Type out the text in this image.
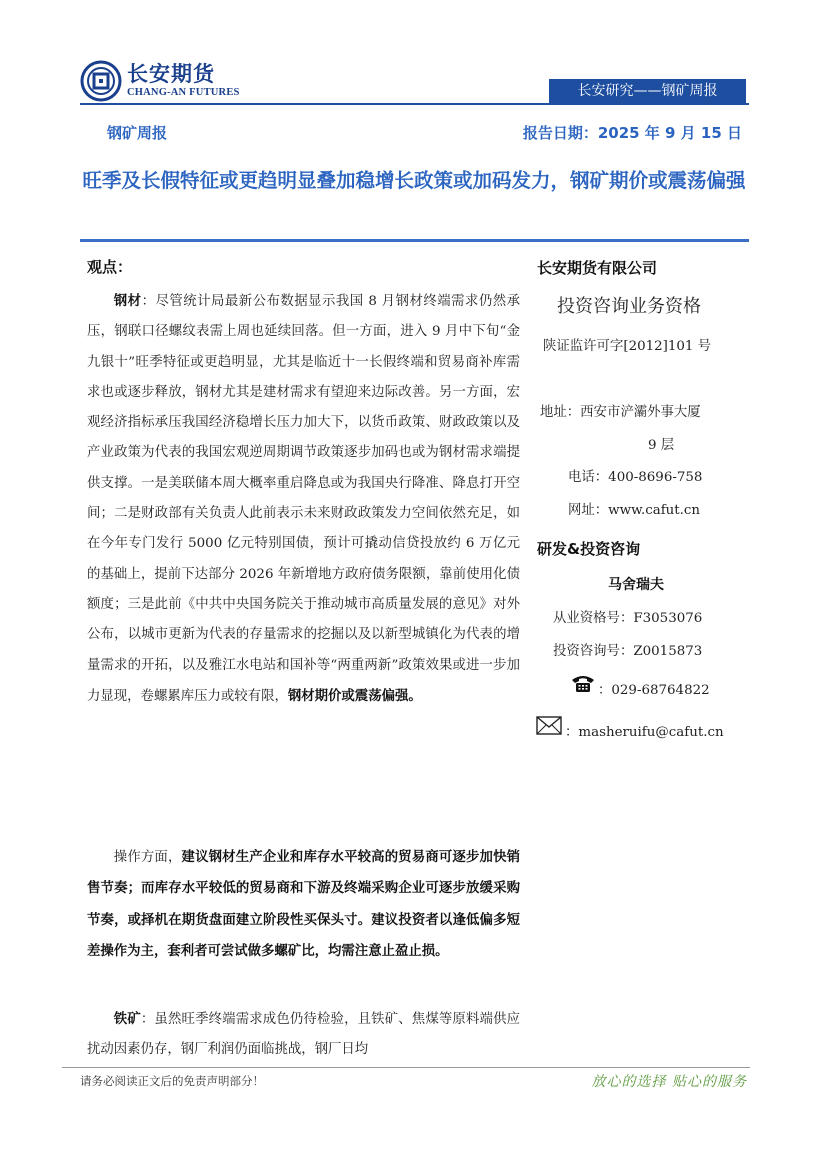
长安期货
CHANG-AN FUTURES	长安研究——钢矿周报
钢矿周报	报告日期：2025 年 9 月 15 日
旺季及长假特征或更趋明显叠加稳增长政策或加码发力，钢矿期价或震荡偏强
观点：

钢材：尽管统计局最新公布数据显示我国 8 月钢材终端需求仍然承压，钢联口径螺纹表需上周也延续回落。但一方面，进入 9 月中下旬“金九银十”旺季特征或更趋明显，尤其是临近十一长假终端和贸易商补库需求也或逐步释放，钢材尤其是建材需求有望迎来边际改善。另一方面，宏观经济指标承压我国经济稳增长压力加大下，以货币政策、财政政策以及产业政策为代表的我国宏观逆周期调节政策逐步加码也或为钢材需求端提供支撑。一是美联储本周大概率重启降息或为我国央行降准、降息打开空间；二是财政部有关负责人此前表示未来财政政策发力空间依然充足，如在今年专门发行 5000 亿元特别国债，预计可撬动信贷投放约 6 万亿元的基础上，提前下达部分 2026 年新增地方政府债务限额，靠前使用化债额度；三是此前《中共中央国务院关于推动城市高质量发展的意见》对外公布，以城市更新为代表的存量需求的挖掘以及以新型城镇化为代表的增量需求的开拓，以及雅江水电站和国补等“两重两新”政策效果或进一步加力显现，卷螺累库压力或较有限，钢材期价或震荡偏强。

操作方面，建议钢材生产企业和库存水平较高的贸易商可逐步加快销售节奏；而库存水平较低的贸易商和下游及终端采购企业可逐步放缓采购节奏，或择机在期货盘面建立阶段性买保头寸。建议投资者以逢低偏多短差操作为主，套利者可尝试做多螺矿比，均需注意止盈止损。

铁矿：虽然旺季终端需求成色仍待检验，且铁矿、焦煤等原料端供应扰动因素仍存，钢厂利润仍面临挑战，钢厂日均

长安期货有限公司
投资咨询业务资格
陕证监许可字[2012]101 号
地址：西安市浐灞外事大厦
9 层
电话：400-8696-758
网址：www.cafut.cn
研发&投资咨询
马舍瑞夫
从业资格号：F3053076
投资咨询号：Z0015873
：029-68764822
：masheruifu@cafut.cn
请务必阅读正文后的免责声明部分！	放心的选择 贴心的服务
